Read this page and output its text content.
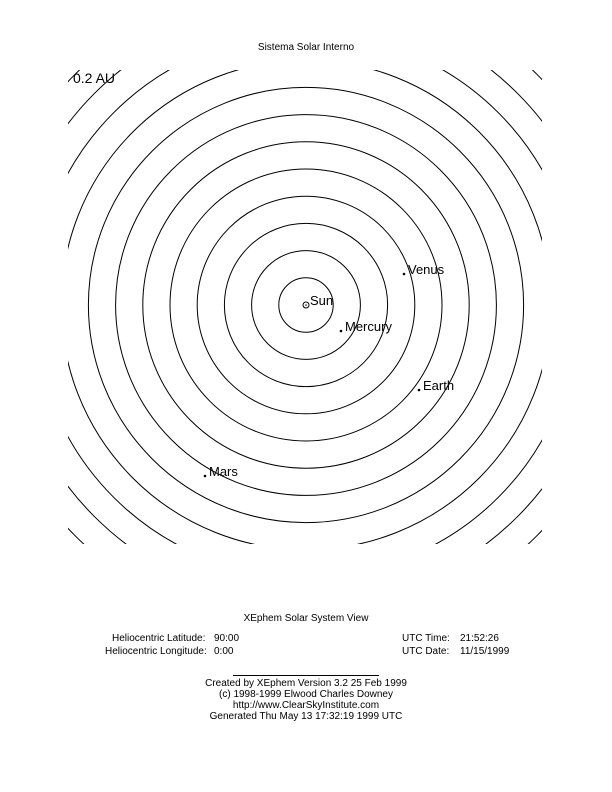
Sistema Solar Interno
0.2 AU
Sun
Venus
Mercury
Earth
Mars
XEphem Solar System View
Heliocentric Latitude: 90:00
Heliocentric Longitude: 0:00
UTC Time: 21:52:26
UTC Date: 11/15/1999
Created by XEphem Version 3.2 25 Feb 1999
(c) 1998-1999 Elwood Charles Downey
http://www.ClearSkyInstitute.com
Generated Thu May 13 17:32:19 1999 UTC
